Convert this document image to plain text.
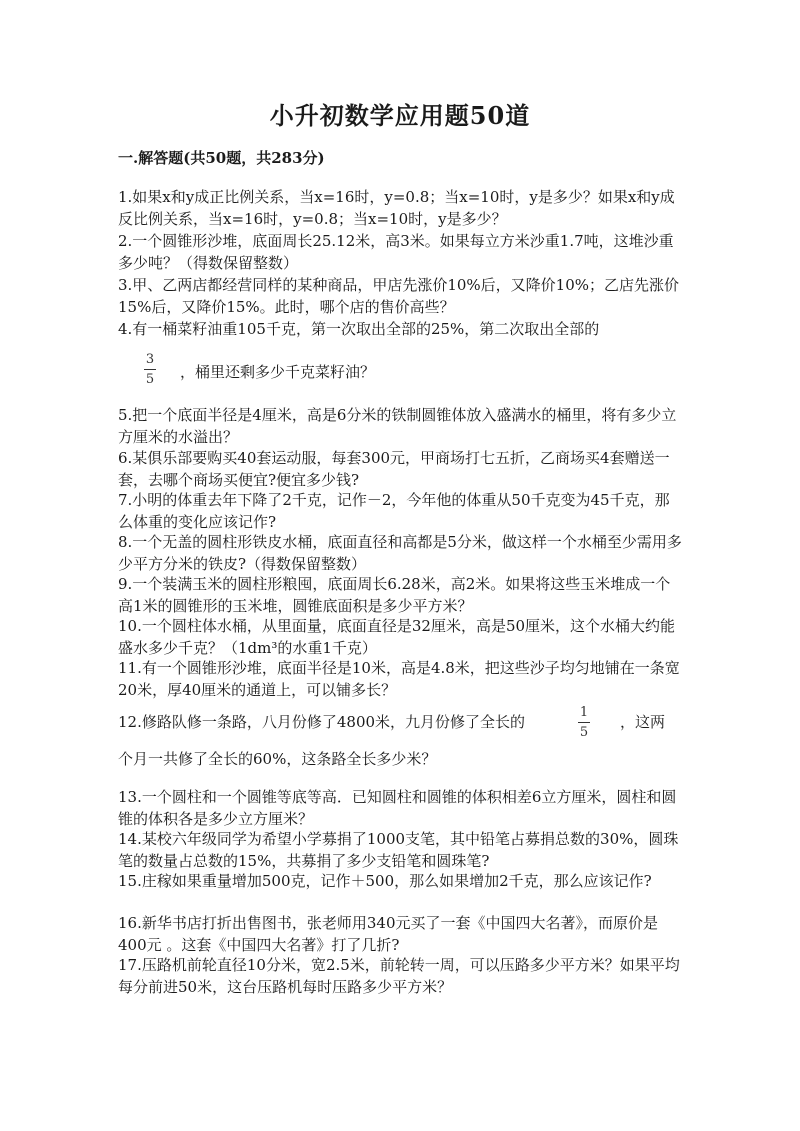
小升初数学应用题50道
一.解答题(共50题，共283分)

1.如果x和y成正比例关系，当x=16时，y=0.8；当x=10时，y是多少？如果x和y成反比例关系，当x=16时，y=0.8；当x=10时，y是多少？

2.一个圆锥形沙堆，底面周长25.12米，高3米。如果每立方米沙重1.7吨，这堆沙重多少吨？（得数保留整数）

3.甲、乙两店都经营同样的某种商品，甲店先涨价10%后，又降价10%；乙店先涨价15%后，又降价15%。此时，哪个店的售价高些？

4.有一桶菜籽油重105千克，第一次取出全部的25%，第二次取出全部的

3
5 ，桶里还剩多少千克菜籽油？

5.把一个底面半径是4厘米，高是6分米的铁制圆锥体放入盛满水的桶里，将有多少立方厘米的水溢出？

6.某俱乐部要购买40套运动服，每套300元，甲商场打七五折，乙商场买4套赠送一套，去哪个商场买便宜?便宜多少钱?

7.小明的体重去年下降了2千克，记作－2，今年他的体重从50千克变为45千克，那么体重的变化应该记作?

8.一个无盖的圆柱形铁皮水桶，底面直径和高都是5分米，做这样一个水桶至少需用多少平方分米的铁皮?（得数保留整数）

9.一个装满玉米的圆柱形粮囤，底面周长6.28米，高2米。如果将这些玉米堆成一个高1米的圆锥形的玉米堆，圆锥底面积是多少平方米？

10.一个圆柱体水桶，从里面量，底面直径是32厘米，高是50厘米，这个水桶大约能盛水多少千克？（1dm³的水重1千克）

11.有一个圆锥形沙堆，底面半径是10米，高是4.8米，把这些沙子均匀地铺在一条宽20米，厚40厘米的通道上，可以铺多长？

12.修路队修一条路，八月份修了4800米，九月份修了全长的

1
5
，这两

个月一共修了全长的60%，这条路全长多少米？

13.一个圆柱和一个圆锥等底等高．已知圆柱和圆锥的体积相差6立方厘米，圆柱和圆锥的体积各是多少立方厘米？

14.某校六年级同学为希望小学募捐了1000支笔，其中铅笔占募捐总数的30%，圆珠笔的数量占总数的15%，共募捐了多少支铅笔和圆珠笔?

15.庄稼如果重量增加500克，记作＋500，那么如果增加2千克，那么应该记作?

16.新华书店打折出售图书，张老师用340元买了一套《中国四大名著》，而原价是400元 。这套《中国四大名著》打了几折?

17.压路机前轮直径10分米，宽2.5米，前轮转一周，可以压路多少平方米？如果平均每分前进50米，这台压路机每时压路多少平方米？
